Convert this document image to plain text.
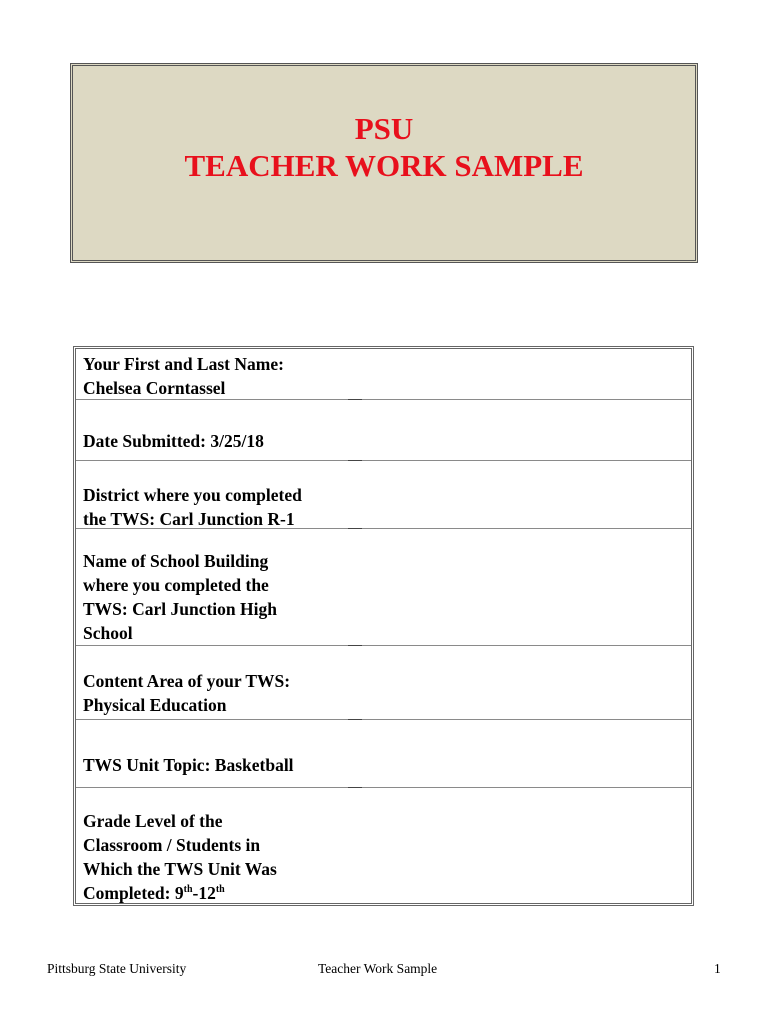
PSU
TEACHER WORK SAMPLE
Your First and Last Name:
Chelsea Corntassel
Date Submitted: 3/25/18
District where you completed
the TWS: Carl Junction R-1
Name of School Building
where you completed the
TWS: Carl Junction High
School
Content Area of your TWS:
Physical Education
TWS Unit Topic: Basketball
Grade Level of the
Classroom / Students in
Which the TWS Unit Was
Completed: 9th-12th
Pittsburg State University	Teacher Work Sample	1
